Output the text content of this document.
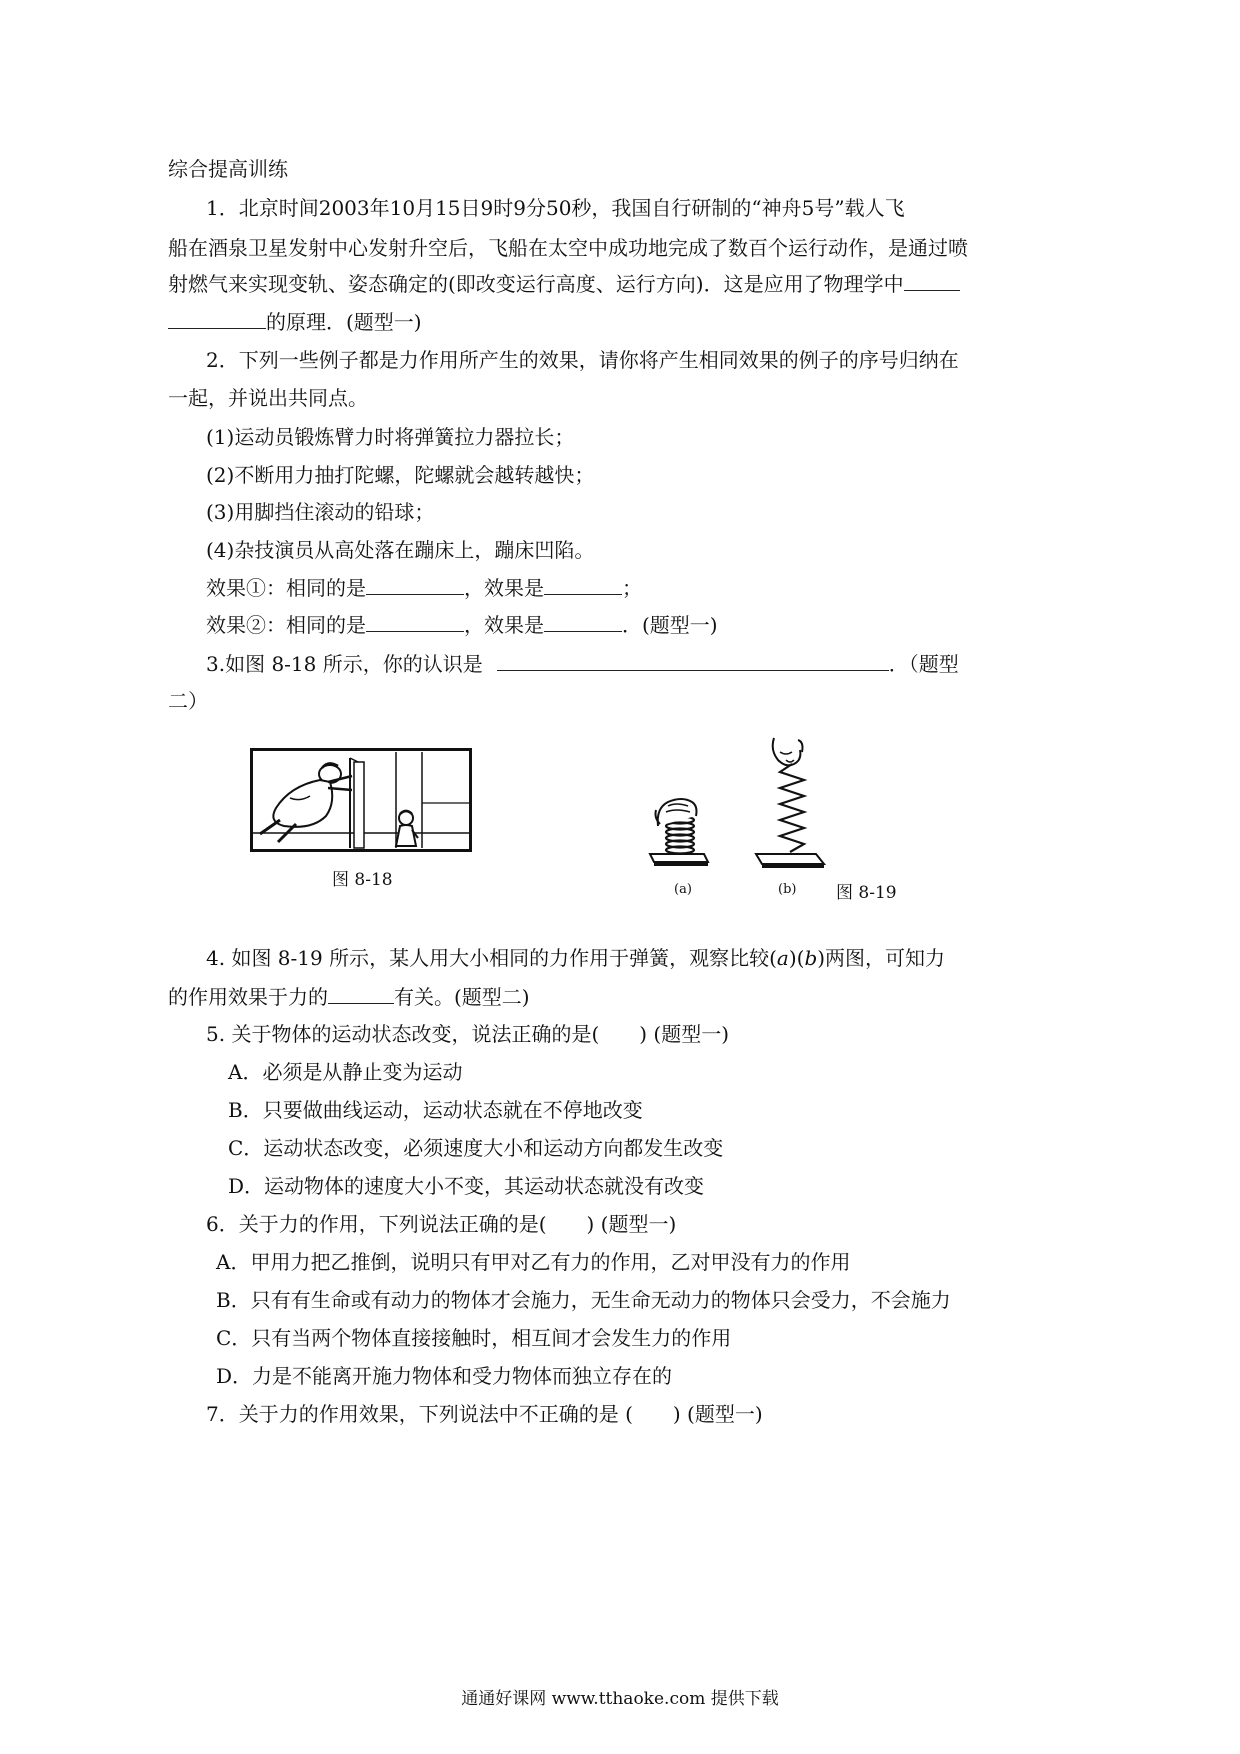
综合提高训练
1．北京时间2003年10月15日9时9分50秒，我国自行研制的“神舟5号”载人飞
船在酒泉卫星发射中心发射升空后，飞船在太空中成功地完成了数百个运行动作，是通过喷
射燃气来实现变轨、姿态确定的(即改变运行高度、运行方向)．这是应用了物理学中
的原理．(题型一)
2．下列一些例子都是力作用所产生的效果，请你将产生相同效果的例子的序号归纳在
一起，并说出共同点。
(1)运动员锻炼臂力时将弹簧拉力器拉长；
(2)不断用力抽打陀螺，陀螺就会越转越快；
(3)用脚挡住滚动的铅球；
(4)杂技演员从高处落在蹦床上，蹦床凹陷。
效果①：相同的是	，效果是	；
效果②：相同的是	，效果是	．(题型一)
3.如图 8-18 所示，你的认识是	．（题型
二）
图 8-18	(a)	(b) 图 8-19
4. 如图 8-19 所示，某人用大小相同的力作用于弹簧，观察比较(a)(b)两图，可知力
的作用效果于力的	有关。(题型二)
5. 关于物体的运动状态改变，说法正确的是(　　) (题型一)
A．必须是从静止变为运动
B．只要做曲线运动，运动状态就在不停地改变
C．运动状态改变，必须速度大小和运动方向都发生改变
D．运动物体的速度大小不变，其运动状态就没有改变
6．关于力的作用，下列说法正确的是(　　) (题型一)
A．甲用力把乙推倒，说明只有甲对乙有力的作用，乙对甲没有力的作用
B．只有有生命或有动力的物体才会施力，无生命无动力的物体只会受力，不会施力
C．只有当两个物体直接接触时，相互间才会发生力的作用
D．力是不能离开施力物体和受力物体而独立存在的
7．关于力的作用效果，下列说法中不正确的是 (　　) (题型一)
通通好课网 www.tthaoke.com 提供下载
